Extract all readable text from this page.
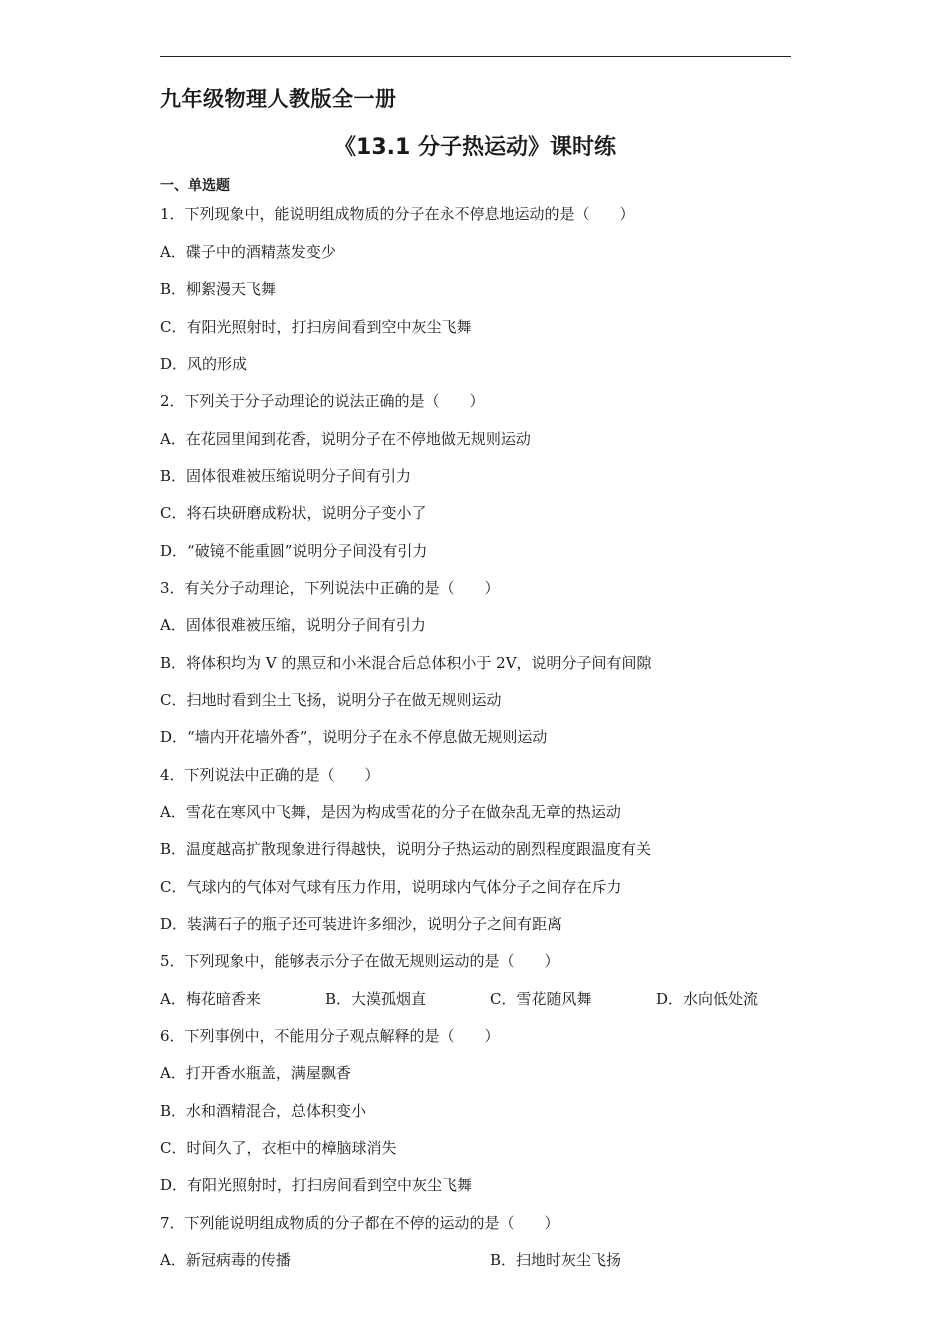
九年级物理人教版全一册
《13.1 分子热运动》课时练
一、单选题
1．下列现象中，能说明组成物质的分子在永不停息地运动的是（　　）
A．碟子中的酒精蒸发变少
B．柳絮漫天飞舞
C．有阳光照射时，打扫房间看到空中灰尘飞舞
D．风的形成
2．下列关于分子动理论的说法正确的是（　　）
A．在花园里闻到花香，说明分子在不停地做无规则运动
B．固体很难被压缩说明分子间有引力
C．将石块研磨成粉状，说明分子变小了
D．“破镜不能重圆”说明分子间没有引力
3．有关分子动理论，下列说法中正确的是（　　）
A．固体很难被压缩，说明分子间有引力
B．将体积均为 V 的黑豆和小米混合后总体积小于 2V，说明分子间有间隙
C．扫地时看到尘土飞扬，说明分子在做无规则运动
D．“墙内开花墙外香”，说明分子在永不停息做无规则运动
4．下列说法中正确的是（　　）
A．雪花在寒风中飞舞，是因为构成雪花的分子在做杂乱无章的热运动
B．温度越高扩散现象进行得越快，说明分子热运动的剧烈程度跟温度有关
C．气球内的气体对气球有压力作用，说明球内气体分子之间存在斥力
D．装满石子的瓶子还可装进许多细沙，说明分子之间有距离
5．下列现象中，能够表示分子在做无规则运动的是（　　）
A．梅花暗香来	B．大漠孤烟直	C．雪花随风舞	D．水向低处流
6．下列事例中，不能用分子观点解释的是（　　）
A．打开香水瓶盖，满屋飘香
B．水和酒精混合，总体积变小
C．时间久了，衣柜中的樟脑球消失
D．有阳光照射时，打扫房间看到空中灰尘飞舞
7．下列能说明组成物质的分子都在不停的运动的是（　　）
A．新冠病毒的传播	B．扫地时灰尘飞扬
